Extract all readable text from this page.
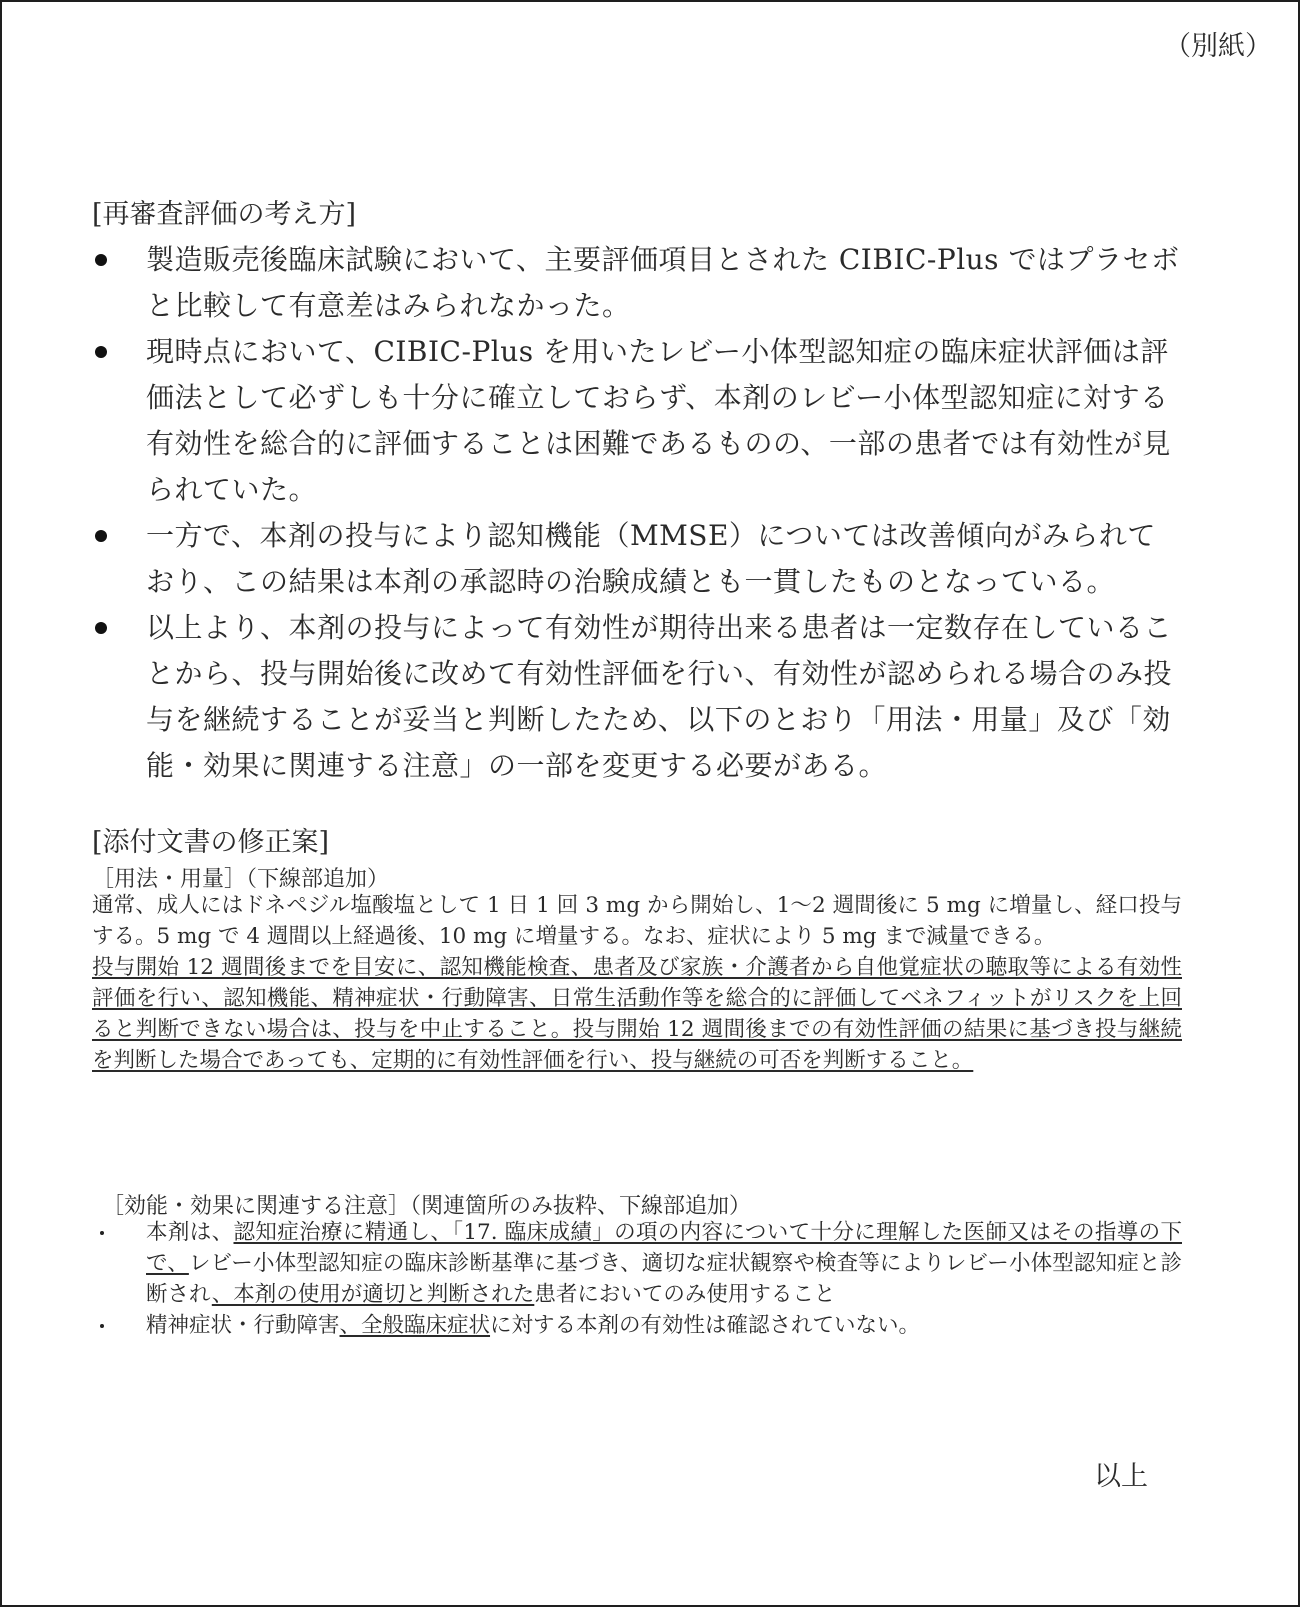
（別紙）
[再審査評価の考え方]
製造販売後臨床試験において、主要評価項目とされた CIBIC-Plus ではプラセボと比較して有意差はみられなかった。
現時点において、CIBIC-Plus を用いたレビー小体型認知症の臨床症状評価は評価法として必ずしも十分に確立しておらず、本剤のレビー小体型認知症に対する有効性を総合的に評価することは困難であるものの、一部の患者では有効性が見られていた。
一方で、本剤の投与により認知機能（MMSE）については改善傾向がみられており、この結果は本剤の承認時の治験成績とも一貫したものとなっている。
以上より、本剤の投与によって有効性が期待出来る患者は一定数存在していることから、投与開始後に改めて有効性評価を行い、有効性が認められる場合のみ投与を継続することが妥当と判断したため、以下のとおり「用法・用量」及び「効能・効果に関連する注意」の一部を変更する必要がある。
[添付文書の修正案]
［用法・用量］（下線部追加）
通常、成人にはドネペジル塩酸塩として 1 日 1 回 3 mg から開始し、1～2 週間後に 5 mg に増量し、経口投与する。5 mg で 4 週間以上経過後、10 mg に増量する。なお、症状により 5 mg まで減量できる。
投与開始 12 週間後までを目安に、認知機能検査、患者及び家族・介護者から自他覚症状の聴取等による有効性評価を行い、認知機能、精神症状・行動障害、日常生活動作等を総合的に評価してベネフィットがリスクを上回ると判断できない場合は、投与を中止すること。投与開始 12 週間後までの有効性評価の結果に基づき投与継続を判断した場合であっても、定期的に有効性評価を行い、投与継続の可否を判断すること。
［効能・効果に関連する注意］（関連箇所のみ抜粋、下線部追加）
本剤は、認知症治療に精通し、「17. 臨床成績」の項の内容について十分に理解した医師又はその指導の下で、レビー小体型認知症の臨床診断基準に基づき、適切な症状観察や検査等によりレビー小体型認知症と診断され、本剤の使用が適切と判断された患者においてのみ使用すること
精神症状・行動障害、全般臨床症状に対する本剤の有効性は確認されていない。
以上
